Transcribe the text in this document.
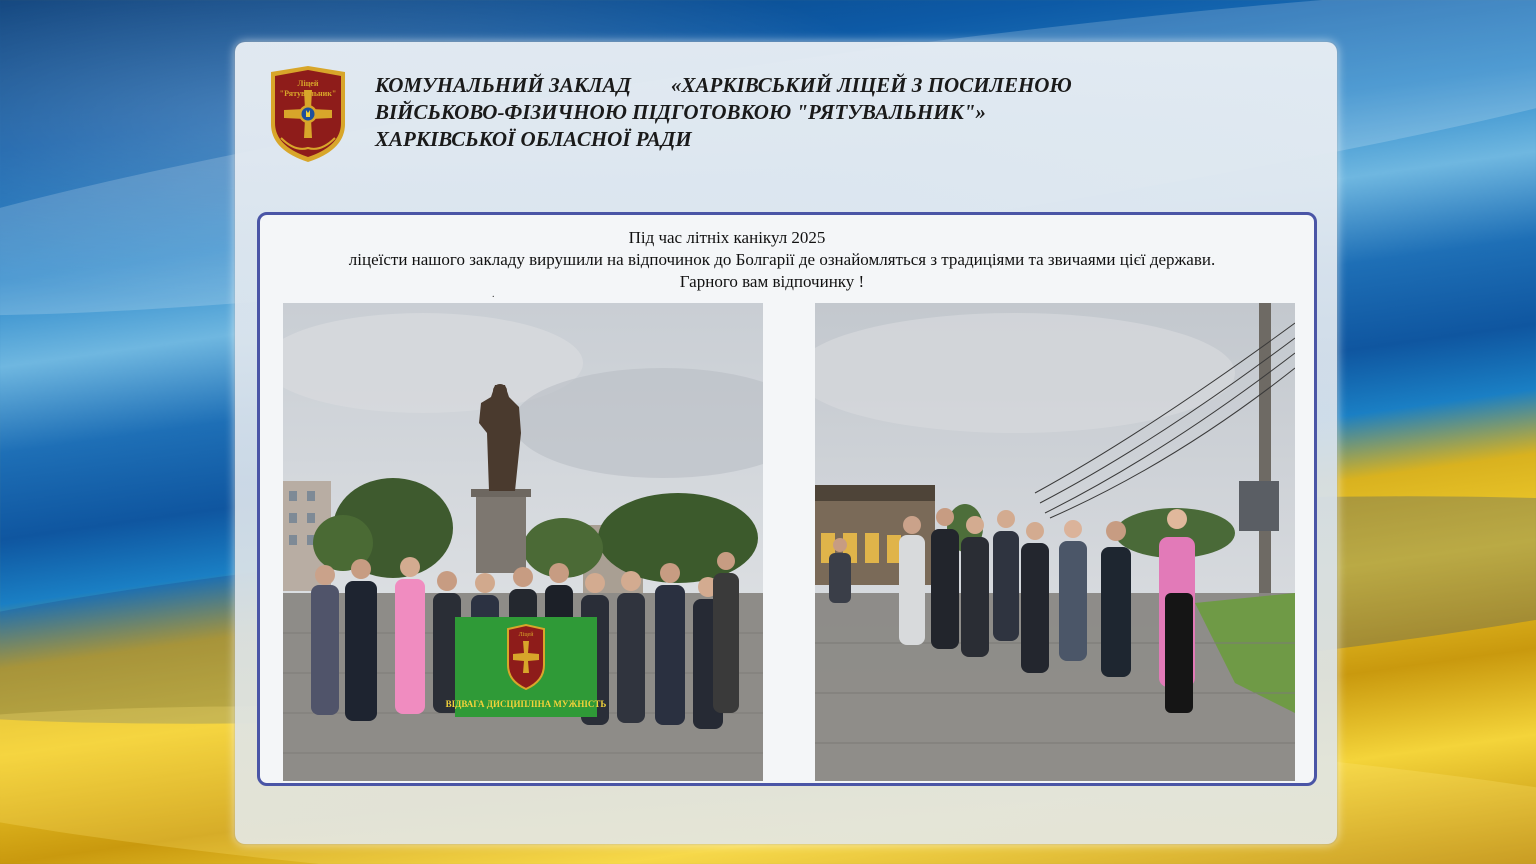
Ліцей
"Рятувальник" КОМУНАЛЬНИЙ ЗАКЛАД «ХАРКІВСЬКИЙ ЛІЦЕЙ З ПОСИЛЕНОЮ
ВІЙСЬКОВО-ФІЗИЧНОЮ ПІДГОТОВКОЮ "РЯТУВАЛЬНИК"»
ХАРКІВСЬКОЇ ОБЛАСНОЇ РАДИ
Під час літніх канікул 2025
ліцеїсти нашого закладу вирушили на відпочинок до Болгарії де ознайомляться з традиціями та звичаями цієї держави.
Гарного вам відпочинку !
.
Ліцей
ВІДВАГА ДИСЦИПЛІНА МУЖНІСТЬ
